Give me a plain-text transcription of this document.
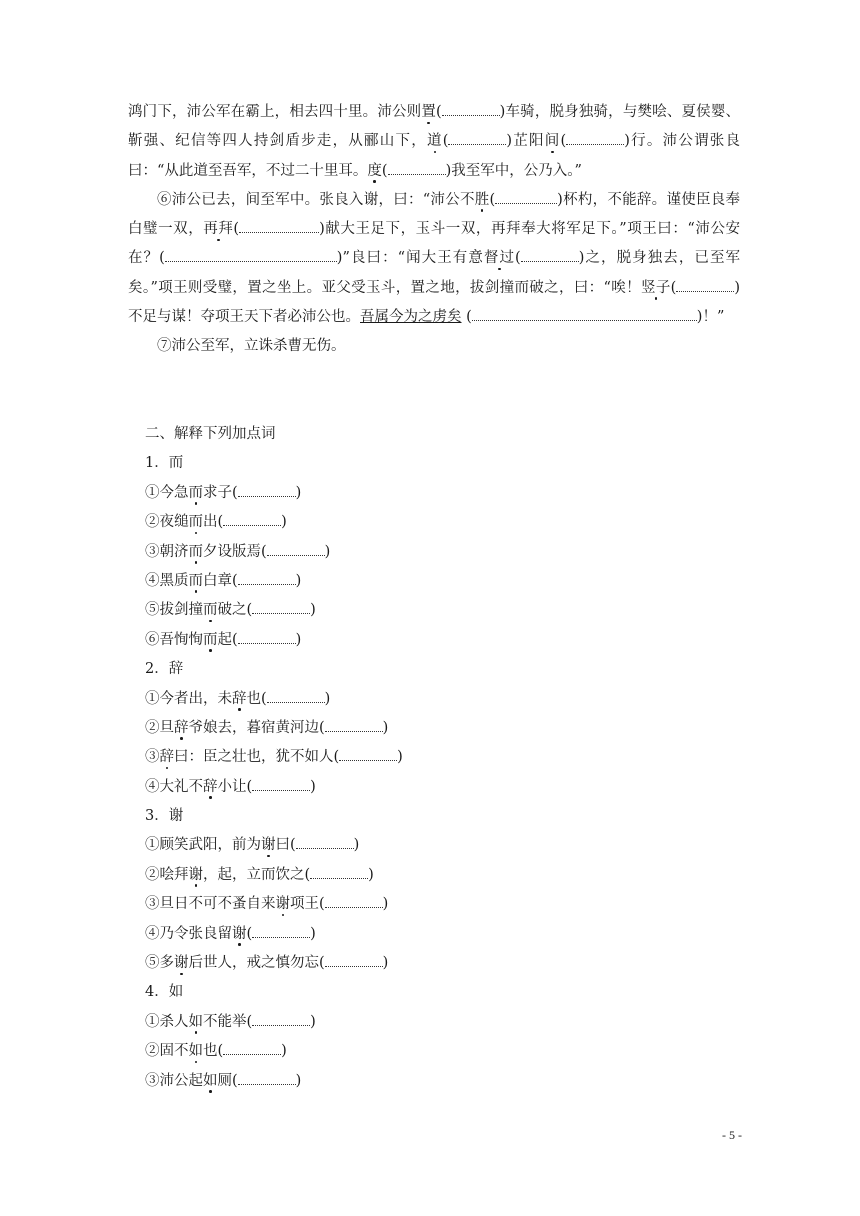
鸿门下，沛公军在霸上，相去四十里。沛公则置(	)车骑，脱身独骑，与樊哙、夏侯婴、靳强、纪信等四人持剑盾步走，从郦山下，道(	)芷阳间(	)行。沛公谓张良曰：“从此道至吾军，不过二十里耳。度(	)我至军中，公乃入。”

⑥沛公已去，间至军中。张良入谢，曰：“沛公不胜(	)杯杓，不能辞。谨使臣良奉白璧一双，再拜(	)献大王足下，玉斗一双，再拜奉大将军足下。”项王曰：“沛公安在？(	)”良曰：“闻大王有意督过(	)之，脱身独去，已至军矣。”项王则受璧，置之坐上。亚父受玉斗，置之地，拔剑撞而破之，曰：“唉！竖子(	)不足与谋！夺项王天下者必沛公也。吾属今为之虏矣 (	)！”

⑦沛公至军，立诛杀曹无伤。

二、解释下列加点词
1．而
①今急而求子(	)
②夜缒而出(	)
③朝济而夕设版焉(	)
④黑质而白章(	)
⑤拔剑撞而破之(	)
⑥吾恂恂而起(	)
2．辞
①今者出，未辞也(	)
②旦辞爷娘去，暮宿黄河边(	)
③辞曰：臣之壮也，犹不如人(	)
④大礼不辞小让(	)
3．谢
①顾笑武阳，前为谢曰(	)
②哙拜谢，起，立而饮之(	)
③旦日不可不蚤自来谢项王(	)
④乃令张良留谢(	)
⑤多谢后世人，戒之慎勿忘(	)
4．如
①杀人如不能举(	)
②固不如也(	)
③沛公起如厕(	)
- 5 -
